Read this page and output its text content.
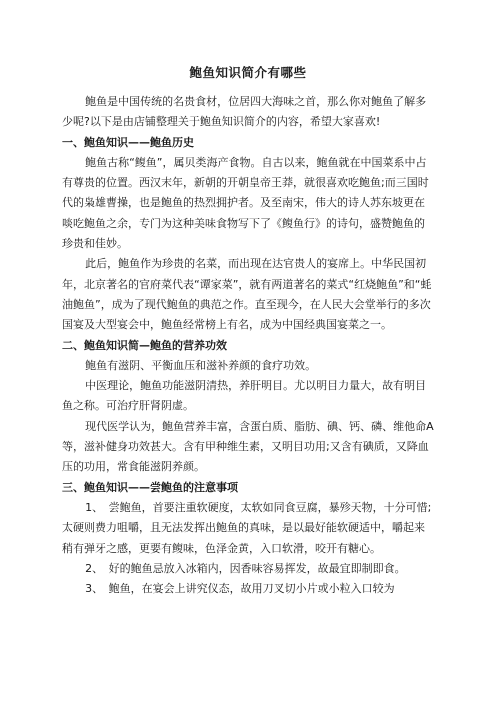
鲍鱼知识简介有哪些

鲍鱼是中国传统的名贵食材，位居四大海味之首，那么你对鲍鱼了解多少呢?以下是由店铺整理关于鲍鱼知识简介的内容，希望大家喜欢!

一、鲍鱼知识——鲍鱼历史

鲍鱼古称“鳆鱼”，属贝类海产食物。自古以来，鲍鱼就在中国菜系中占有尊贵的位置。西汉末年，新朝的开朝皇帝王莽，就很喜欢吃鲍鱼;而三国时代的枭雄曹操，也是鲍鱼的热烈拥护者。及至南宋，伟大的诗人苏东坡更在啖吃鲍鱼之余，专门为这种美味食物写下了《鳆鱼行》的诗句，盛赞鲍鱼的珍贵和佳妙。

此后，鲍鱼作为珍贵的名菜，而出现在达官贵人的宴席上。中华民国初年，北京著名的官府菜代表“谭家菜”，就有两道著名的菜式“红烧鲍鱼”和“蚝油鲍鱼”，成为了现代鲍鱼的典范之作。直至现今，在人民大会堂举行的多次国宴及大型宴会中，鲍鱼经常榜上有名，成为中国经典国宴菜之一。

二、鲍鱼知识简—鲍鱼的营养功效

鲍鱼有滋阴、平衡血压和滋补养颜的食疗功效。

中医理论，鲍鱼功能滋阴清热，养肝明目。尤以明目力量大，故有明目鱼之称。可治疗肝肾阴虚。

现代医学认为，鲍鱼营养丰富，含蛋白质、脂肪、碘、钙、磷、维他命A等，滋补健身功效甚大。含有甲种维生素，又明目功用;又含有碘质，又降血压的功用，常食能滋阴养颜。

三、鲍鱼知识——尝鲍鱼的注意事项

1、　尝鲍鱼，首要注重软硬度，太软如同食豆腐，暴殄天物，十分可惜;太硬则费力咀嚼，且无法发挥出鲍鱼的真味，是以最好能软硬适中，嚼起来稍有弹牙之感，更要有鳆味，色泽金黄，入口软滑，咬开有糖心。

2、　好的鲍鱼忌放入冰箱内，因香味容易挥发，故最宜即制即食。

3、　鲍鱼，在宴会上讲究仪态，故用刀叉切小片或小粒入口较为
